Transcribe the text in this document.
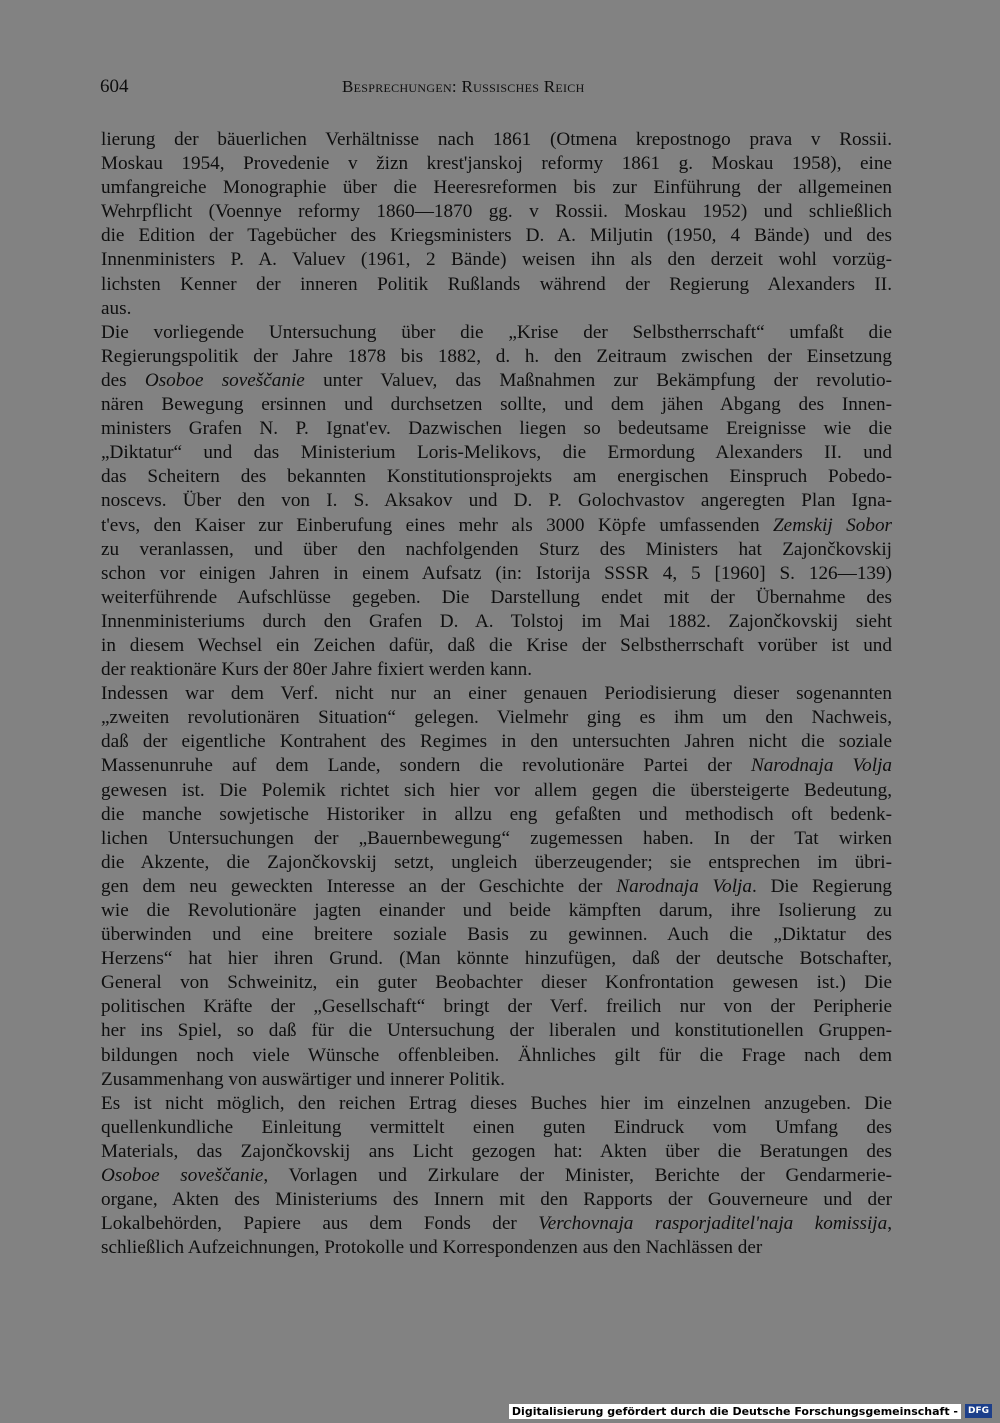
604	Besprechungen: Russisches Reich
lierung der bäuerlichen Verhältnisse nach 1861 (Otmena krepostnogo prava v Rossii.
Moskau 1954, Provedenie v žizn krest'janskoj reformy 1861 g. Moskau 1958), eine
umfangreiche Monographie über die Heeresreformen bis zur Einführung der allgemeinen
Wehrpflicht (Voennye reformy 1860—1870 gg. v Rossii. Moskau 1952) und schließlich
die Edition der Tagebücher des Kriegsministers D. A. Miljutin (1950, 4 Bände) und des
Innenministers P. A. Valuev (1961, 2 Bände) weisen ihn als den derzeit wohl vorzüg-
lichsten Kenner der inneren Politik Rußlands während der Regierung Alexanders II.
aus.
Die vorliegende Untersuchung über die „Krise der Selbstherrschaft“ umfaßt die
Regierungspolitik der Jahre 1878 bis 1882, d. h. den Zeitraum zwischen der Einsetzung
des Osoboe soveščanie unter Valuev, das Maßnahmen zur Bekämpfung der revolutio-
nären Bewegung ersinnen und durchsetzen sollte, und dem jähen Abgang des Innen-
ministers Grafen N. P. Ignat'ev. Dazwischen liegen so bedeutsame Ereignisse wie die
„Diktatur“ und das Ministerium Loris-Melikovs, die Ermordung Alexanders II. und
das Scheitern des bekannten Konstitutionsprojekts am energischen Einspruch Pobedo-
noscevs. Über den von I. S. Aksakov und D. P. Golochvastov angeregten Plan Igna-
t'evs, den Kaiser zur Einberufung eines mehr als 3000 Köpfe umfassenden Zemskij Sobor
zu veranlassen, und über den nachfolgenden Sturz des Ministers hat Zajončkovskij
schon vor einigen Jahren in einem Aufsatz (in: Istorija SSSR 4, 5 [1960] S. 126—139)
weiterführende Aufschlüsse gegeben. Die Darstellung endet mit der Übernahme des
Innenministeriums durch den Grafen D. A. Tolstoj im Mai 1882. Zajončkovskij sieht
in diesem Wechsel ein Zeichen dafür, daß die Krise der Selbstherrschaft vorüber ist und
der reaktionäre Kurs der 80er Jahre fixiert werden kann.
Indessen war dem Verf. nicht nur an einer genauen Periodisierung dieser sogenannten
„zweiten revolutionären Situation“ gelegen. Vielmehr ging es ihm um den Nachweis,
daß der eigentliche Kontrahent des Regimes in den untersuchten Jahren nicht die soziale
Massenunruhe auf dem Lande, sondern die revolutionäre Partei der Narodnaja Volja
gewesen ist. Die Polemik richtet sich hier vor allem gegen die übersteigerte Bedeutung,
die manche sowjetische Historiker in allzu eng gefaßten und methodisch oft bedenk-
lichen Untersuchungen der „Bauernbewegung“ zugemessen haben. In der Tat wirken
die Akzente, die Zajončkovskij setzt, ungleich überzeugender; sie entsprechen im übri-
gen dem neu geweckten Interesse an der Geschichte der Narodnaja Volja. Die Regierung
wie die Revolutionäre jagten einander und beide kämpften darum, ihre Isolierung zu
überwinden und eine breitere soziale Basis zu gewinnen. Auch die „Diktatur des
Herzens“ hat hier ihren Grund. (Man könnte hinzufügen, daß der deutsche Botschafter,
General von Schweinitz, ein guter Beobachter dieser Konfrontation gewesen ist.) Die
politischen Kräfte der „Gesellschaft“ bringt der Verf. freilich nur von der Peripherie
her ins Spiel, so daß für die Untersuchung der liberalen und konstitutionellen Gruppen-
bildungen noch viele Wünsche offenbleiben. Ähnliches gilt für die Frage nach dem
Zusammenhang von auswärtiger und innerer Politik.
Es ist nicht möglich, den reichen Ertrag dieses Buches hier im einzelnen anzugeben. Die
quellenkundliche Einleitung vermittelt einen guten Eindruck vom Umfang des
Materials, das Zajončkovskij ans Licht gezogen hat: Akten über die Beratungen des
Osoboe soveščanie, Vorlagen und Zirkulare der Minister, Berichte der Gendarmerie-
organe, Akten des Ministeriums des Innern mit den Rapports der Gouverneure und der
Lokalbehörden, Papiere aus dem Fonds der Verchovnaja rasporjaditel'naja komissija,
schließlich Aufzeichnungen, Protokolle und Korrespondenzen aus den Nachlässen der
Digitalisierung gefördert durch die Deutsche Forschungsgemeinschaft -	DFG
